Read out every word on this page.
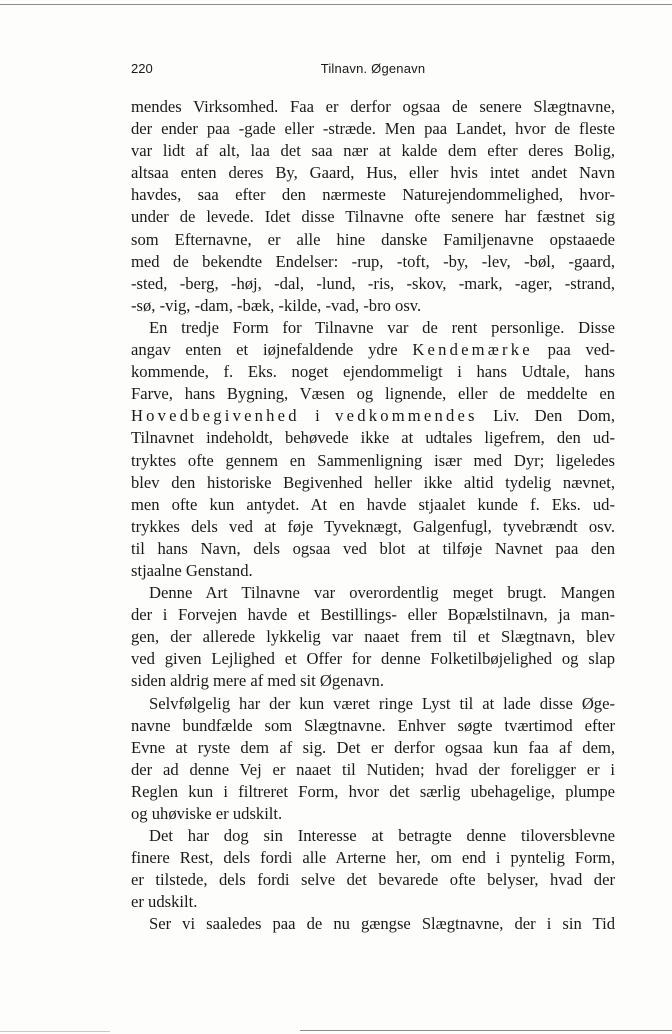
220	Tilnavn. Øgenavn
mendes Virksomhed. Faa er derfor ogsaa de senere Slægtnavne,
der ender paa -gade eller -stræde. Men paa Landet, hvor de fleste
var lidt af alt, laa det saa nær at kalde dem efter deres Bolig,
altsaa enten deres By, Gaard, Hus, eller hvis intet andet Navn
havdes, saa efter den nærmeste Naturejendommelighed, hvor-
under de levede. Idet disse Tilnavne ofte senere har fæstnet sig
som Efternavne, er alle hine danske Familjenavne opstaaede
med de bekendte Endelser: -rup, -toft, -by, -lev, -bøl, -gaard,
-sted, -berg, -høj, -dal, -lund, -ris, -skov, -mark, -ager, -strand,
-sø, -vig, -dam, -bæk, -kilde, -vad, -bro osv.
En tredje Form for Tilnavne var de rent personlige. Disse
angav enten et iøjnefaldende ydre Kendemærke paa ved-
kommende, f. Eks. noget ejendommeligt i hans Udtale, hans
Farve, hans Bygning, Væsen og lignende, eller de meddelte en
Hovedbegivenhed i vedkommendes Liv. Den Dom,
Tilnavnet indeholdt, behøvede ikke at udtales ligefrem, den ud-
tryktes ofte gennem en Sammenligning især med Dyr; ligeledes
blev den historiske Begivenhed heller ikke altid tydelig nævnet,
men ofte kun antydet. At en havde stjaalet kunde f. Eks. ud-
trykkes dels ved at føje Tyveknægt, Galgenfugl, tyvebrændt osv.
til hans Navn, dels ogsaa ved blot at tilføje Navnet paa den
stjaalne Genstand.
Denne Art Tilnavne var overordentlig meget brugt. Mangen
der i Forvejen havde et Bestillings- eller Bopælstilnavn, ja man-
gen, der allerede lykkelig var naaet frem til et Slægtnavn, blev
ved given Lejlighed et Offer for denne Folketilbøjelighed og slap
siden aldrig mere af med sit Øgenavn.
Selvfølgelig har der kun været ringe Lyst til at lade disse Øge-
navne bundfælde som Slægtnavne. Enhver søgte tværtimod efter
Evne at ryste dem af sig. Det er derfor ogsaa kun faa af dem,
der ad denne Vej er naaet til Nutiden; hvad der foreligger er i
Reglen kun i filtreret Form, hvor det særlig ubehagelige, plumpe
og uhøviske er udskilt.
Det har dog sin Interesse at betragte denne tiloversblevne
finere Rest, dels fordi alle Arterne her, om end i pyntelig Form,
er tilstede, dels fordi selve det bevarede ofte belyser, hvad der
er udskilt.
Ser vi saaledes paa de nu gængse Slægtnavne, der i sin Tid
